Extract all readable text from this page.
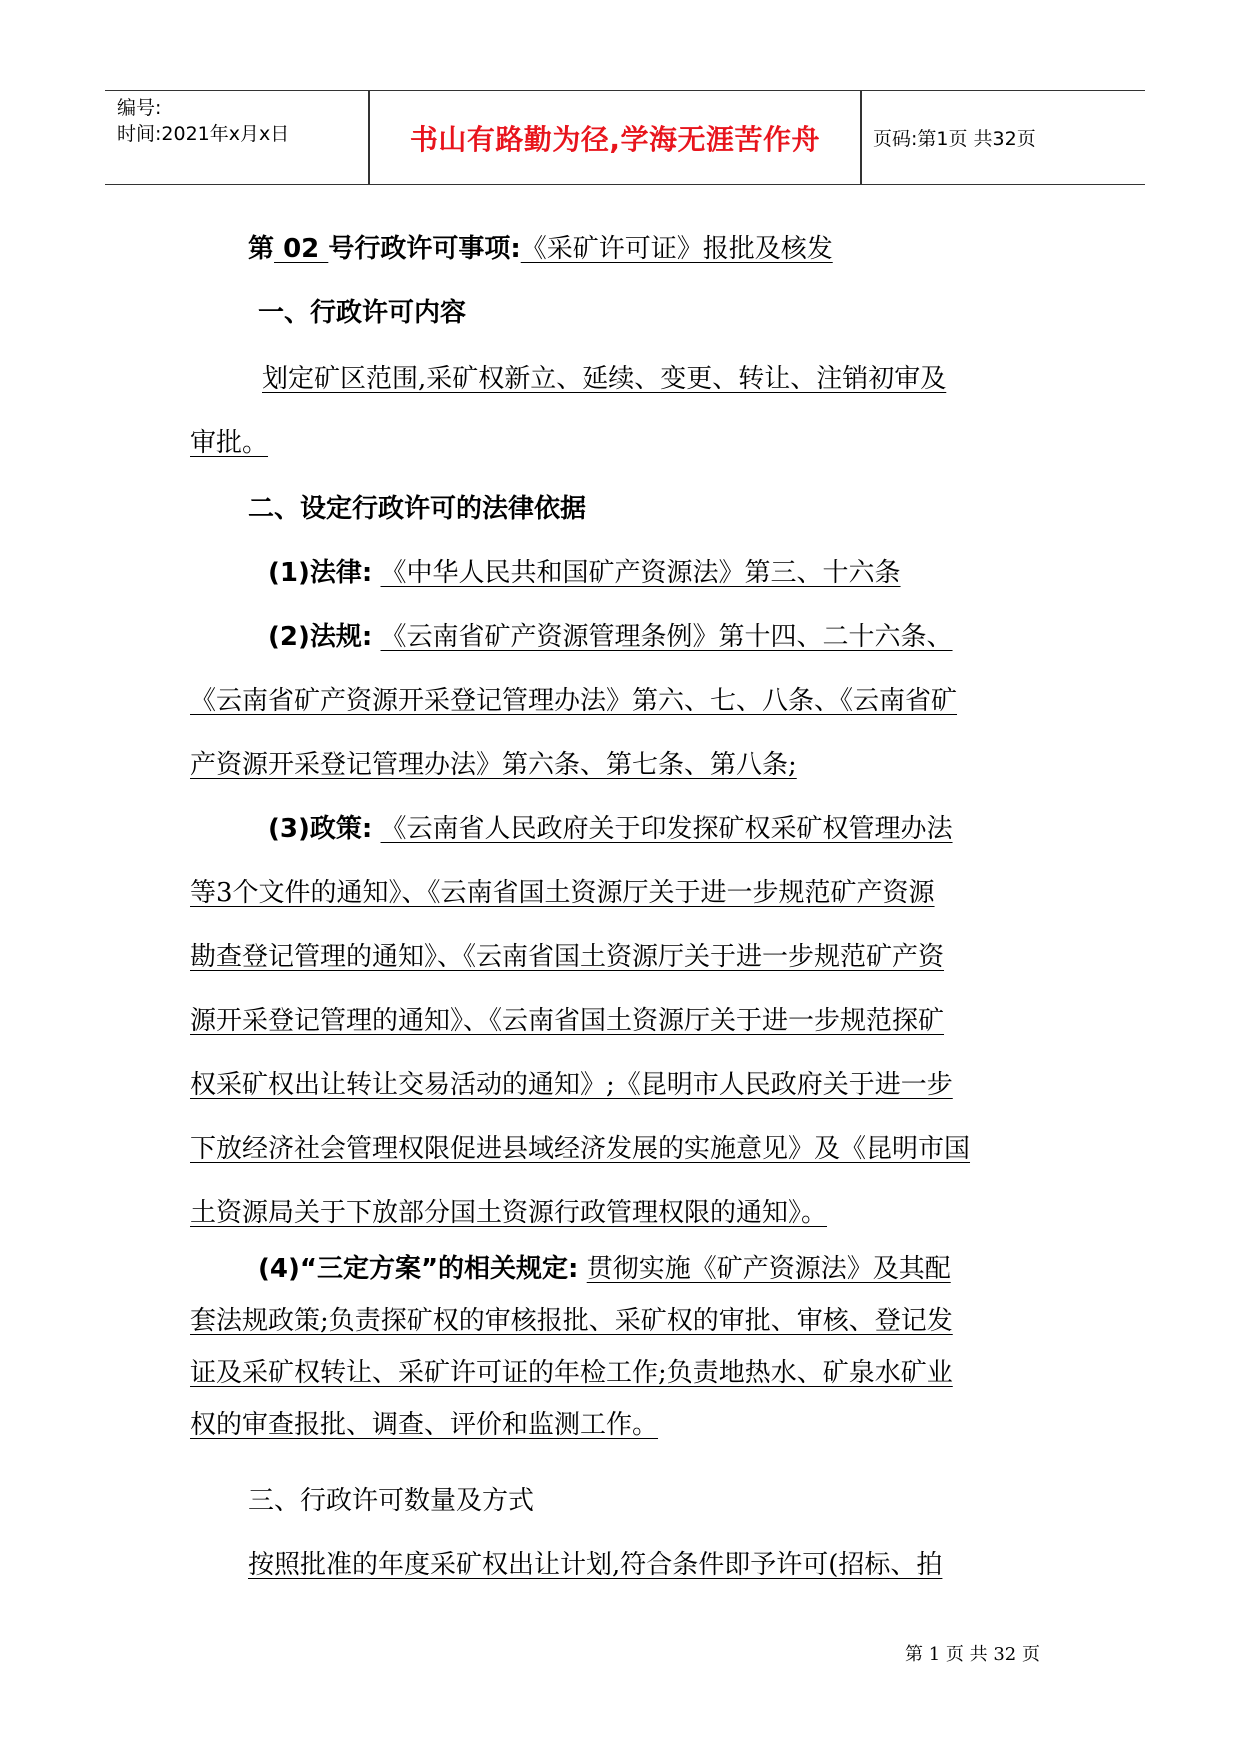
编号:
时间:2021年x月x日	书山有路勤为径,学海无涯苦作舟	页码:第1页 共32页
第 02 号行政许可事项:《采矿许可证》报批及核发
一、行政许可内容
划定矿区范围,采矿权新立、延续、变更、转让、注销初审及
审批。
二、设定行政许可的法律依据
(1)法律: 《中华人民共和国矿产资源法》第三、十六条
(2)法规: 《云南省矿产资源管理条例》第十四、二十六条、
《云南省矿产资源开采登记管理办法》第六、七、八条、《云南省矿
产资源开采登记管理办法》第六条、第七条、第八条;
(3)政策: 《云南省人民政府关于印发探矿权采矿权管理办法
等3个文件的通知》、《云南省国土资源厅关于进一步规范矿产资源
勘查登记管理的通知》、《云南省国土资源厅关于进一步规范矿产资
源开采登记管理的通知》、《云南省国土资源厅关于进一步规范探矿
权采矿权出让转让交易活动的通知》;《昆明市人民政府关于进一步
下放经济社会管理权限促进县域经济发展的实施意见》及《昆明市国
土资源局关于下放部分国土资源行政管理权限的通知》。
(4)“三定方案”的相关规定: 贯彻实施《矿产资源法》及其配
套法规政策;负责探矿权的审核报批、采矿权的审批、审核、登记发
证及采矿权转让、采矿许可证的年检工作;负责地热水、矿泉水矿业
权的审查报批、调查、评价和监测工作。
三、行政许可数量及方式
按照批准的年度采矿权出让计划,符合条件即予许可(招标、拍
第 1 页 共 32 页
